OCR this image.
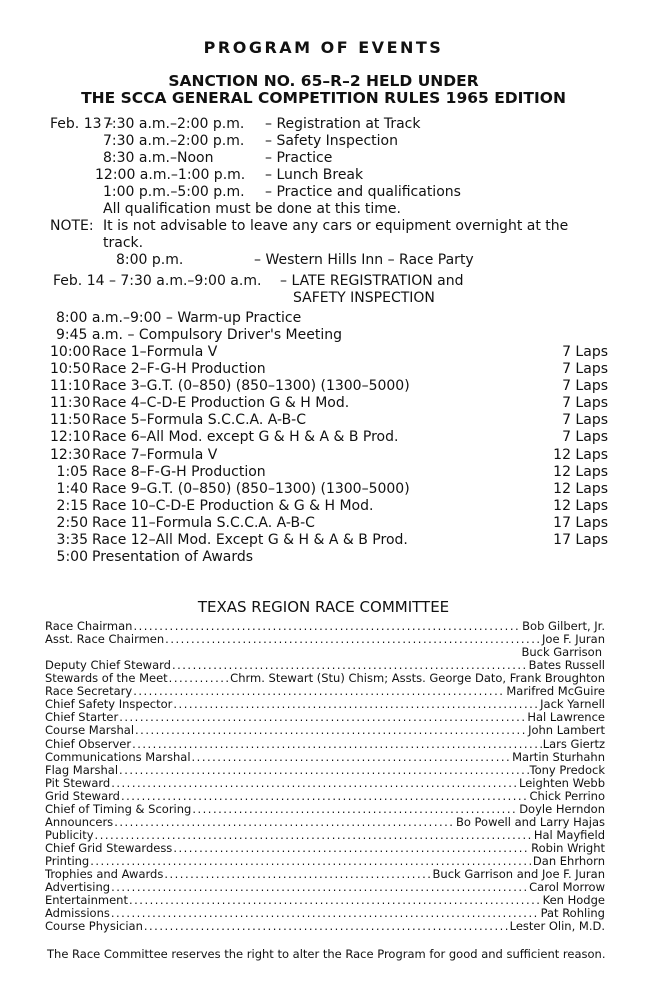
PROGRAM OF EVENTS
SANCTION NO. 65–R–2 HELD UNDER
THE SCCA GENERAL COMPETITION RULES 1965 EDITION
Feb. 13 –
7:30 a.m.–2:00 p.m. – Registration at Track
7:30 a.m.–2:00 p.m. – Safety Inspection
8:30 a.m.–Noon	– Practice
12:00 a.m.–1:00 p.m. – Lunch Break
1:00 p.m.–5:00 p.m. – Practice and qualifications
All qualification must be done at this time.
NOTE: It is not advisable to leave any cars or equipment overnight at the
track.
8:00 p.m.	– Western Hills Inn – Race Party
Feb. 14 – 7:30 a.m.–9:00 a.m. – LATE REGISTRATION and
SAFETY INSPECTION
8:00 a.m.–9:00 – Warm-up Practice
9:45 a.m. – Compulsory Driver's Meeting
10:00 Race 1–Formula V	7 Laps
10:50 Race 2–F-G-H Production	7 Laps
11:10 Race 3–G.T. (0–850) (850–1300) (1300–5000)	7 Laps
11:30 Race 4–C-D-E Production G & H Mod.	7 Laps
11:50 Race 5–Formula S.C.C.A. A-B-C	7 Laps
12:10 Race 6–All Mod. except G & H & A & B Prod.	7 Laps
12:30 Race 7–Formula V	12 Laps
1:05 Race 8–F-G-H Production	12 Laps
1:40 Race 9–G.T. (0–850) (850–1300) (1300–5000)	12 Laps
2:15 Race 10–C-D-E Production & G & H Mod.	12 Laps
2:50 Race 11–Formula S.C.C.A. A-B-C	17 Laps
3:35 Race 12–All Mod. Except G & H & A & B Prod.	17 Laps
5:00 Presentation of Awards
TEXAS REGION RACE COMMITTEE
Race Chairman .....	Bob Gilbert, Jr.
Asst. Race Chairmen .....	Joe F. Juran
Buck Garrison
Deputy Chief Steward .....	Bates Russell
Stewards of the Meet .....	Chrm. Stewart (Stu) Chism; Assts. George Dato, Frank Broughton
Race Secretary .....	Marifred McGuire
Chief Safety Inspector .....	Jack Yarnell
Chief Starter .....	Hal Lawrence
Course Marshal .....	John Lambert
Chief Observer .....	Lars Giertz
Communications Marshal .....	Martin Sturhahn
Flag Marshal .....	Tony Predock
Pit Steward .....	Leighten Webb
Grid Steward .....	Chick Perrino
Chief of Timing & Scoring .....	Doyle Herndon
Announcers .....	Bo Powell and Larry Hajas
Publicity .....	Hal Mayfield
Chief Grid Stewardess .....	Robin Wright
Printing .....	Dan Ehrhorn
Trophies and Awards .....	Buck Garrison and Joe F. Juran
Advertising .....	Carol Morrow
Entertainment .....	Ken Hodge
Admissions .....	Pat Rohling
Course Physician .....	Lester Olin, M.D.
The Race Committee reserves the right to alter the Race Program for good and sufficient reason.
